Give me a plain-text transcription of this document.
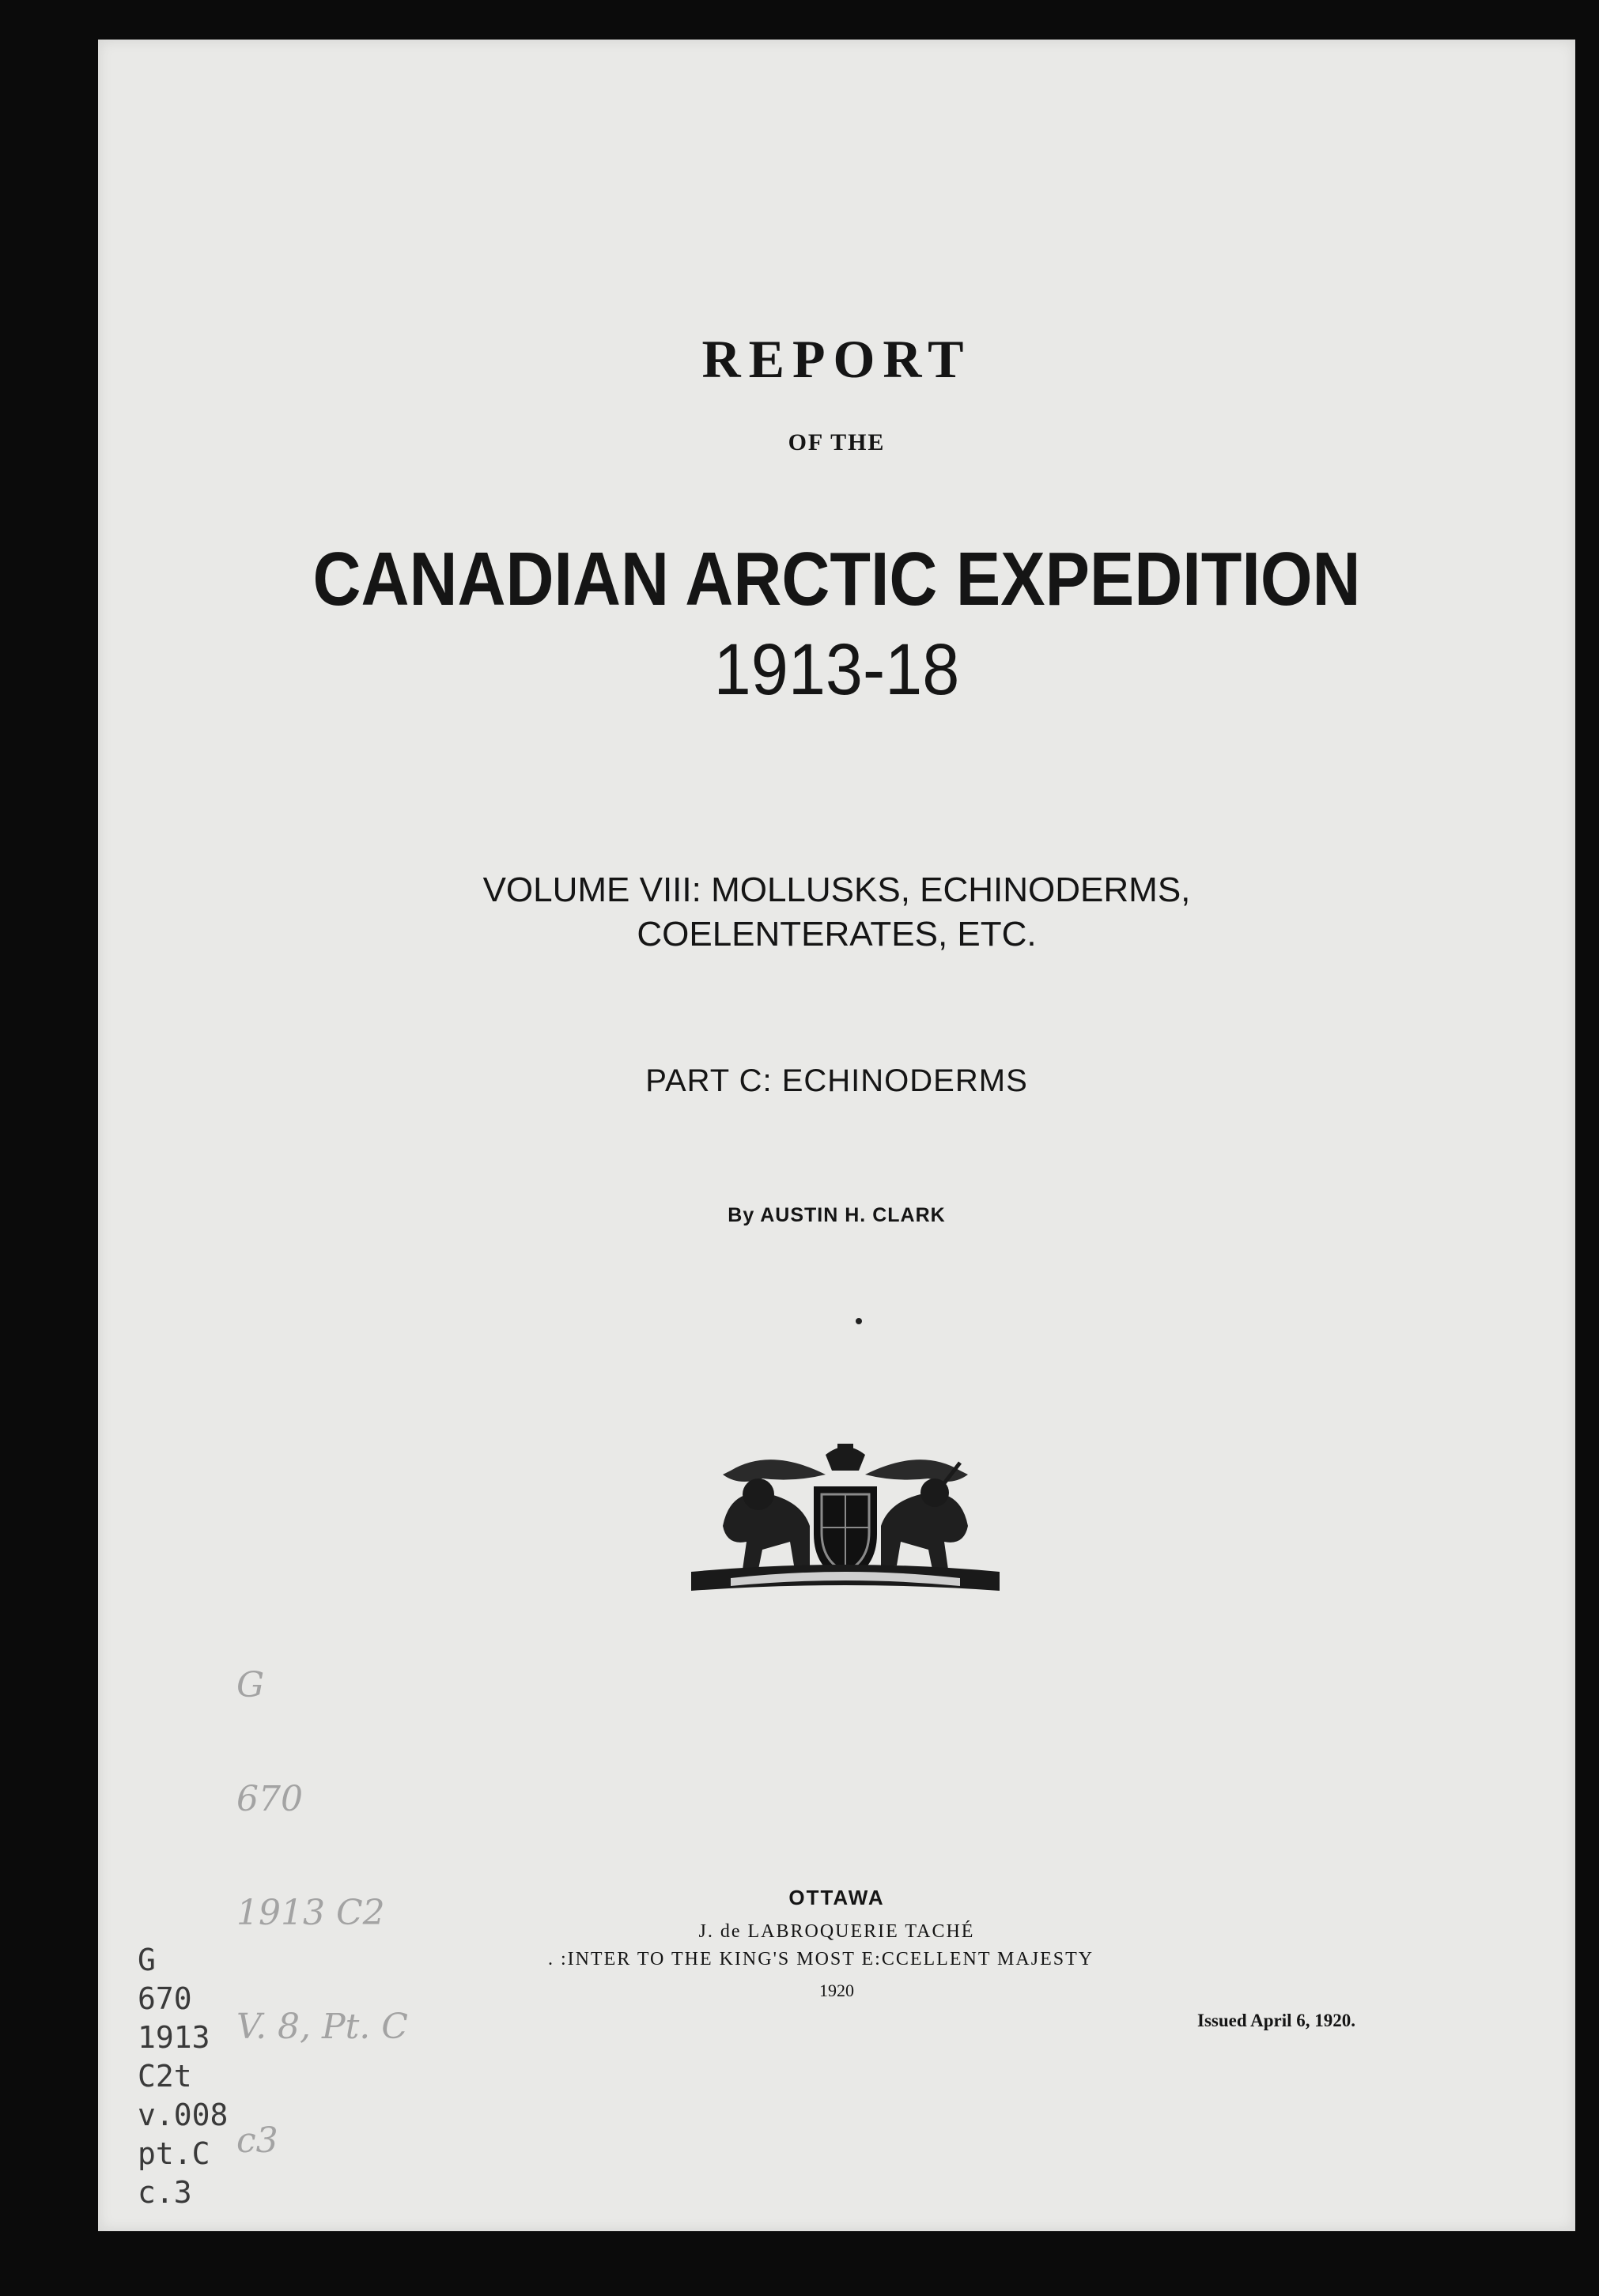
REPORT
OF THE
CANADIAN ARCTIC EXPEDITION
1913-18
VOLUME VIII: MOLLUSKS, ECHINODERMS,
COELENTERATES, ETC.
PART C: ECHINODERMS
By AUSTIN H. CLARK
OTTAWA
J. de LABROQUERIE TACHÉ
. :INTER TO THE KING'S MOST E:CCELLENT MAJESTY
1920
Issued April 6, 1920.

G

670

1913 C2

V. 8, Pt. C

c3

G
670
1913
C2t
v.008
pt.C
c.3
